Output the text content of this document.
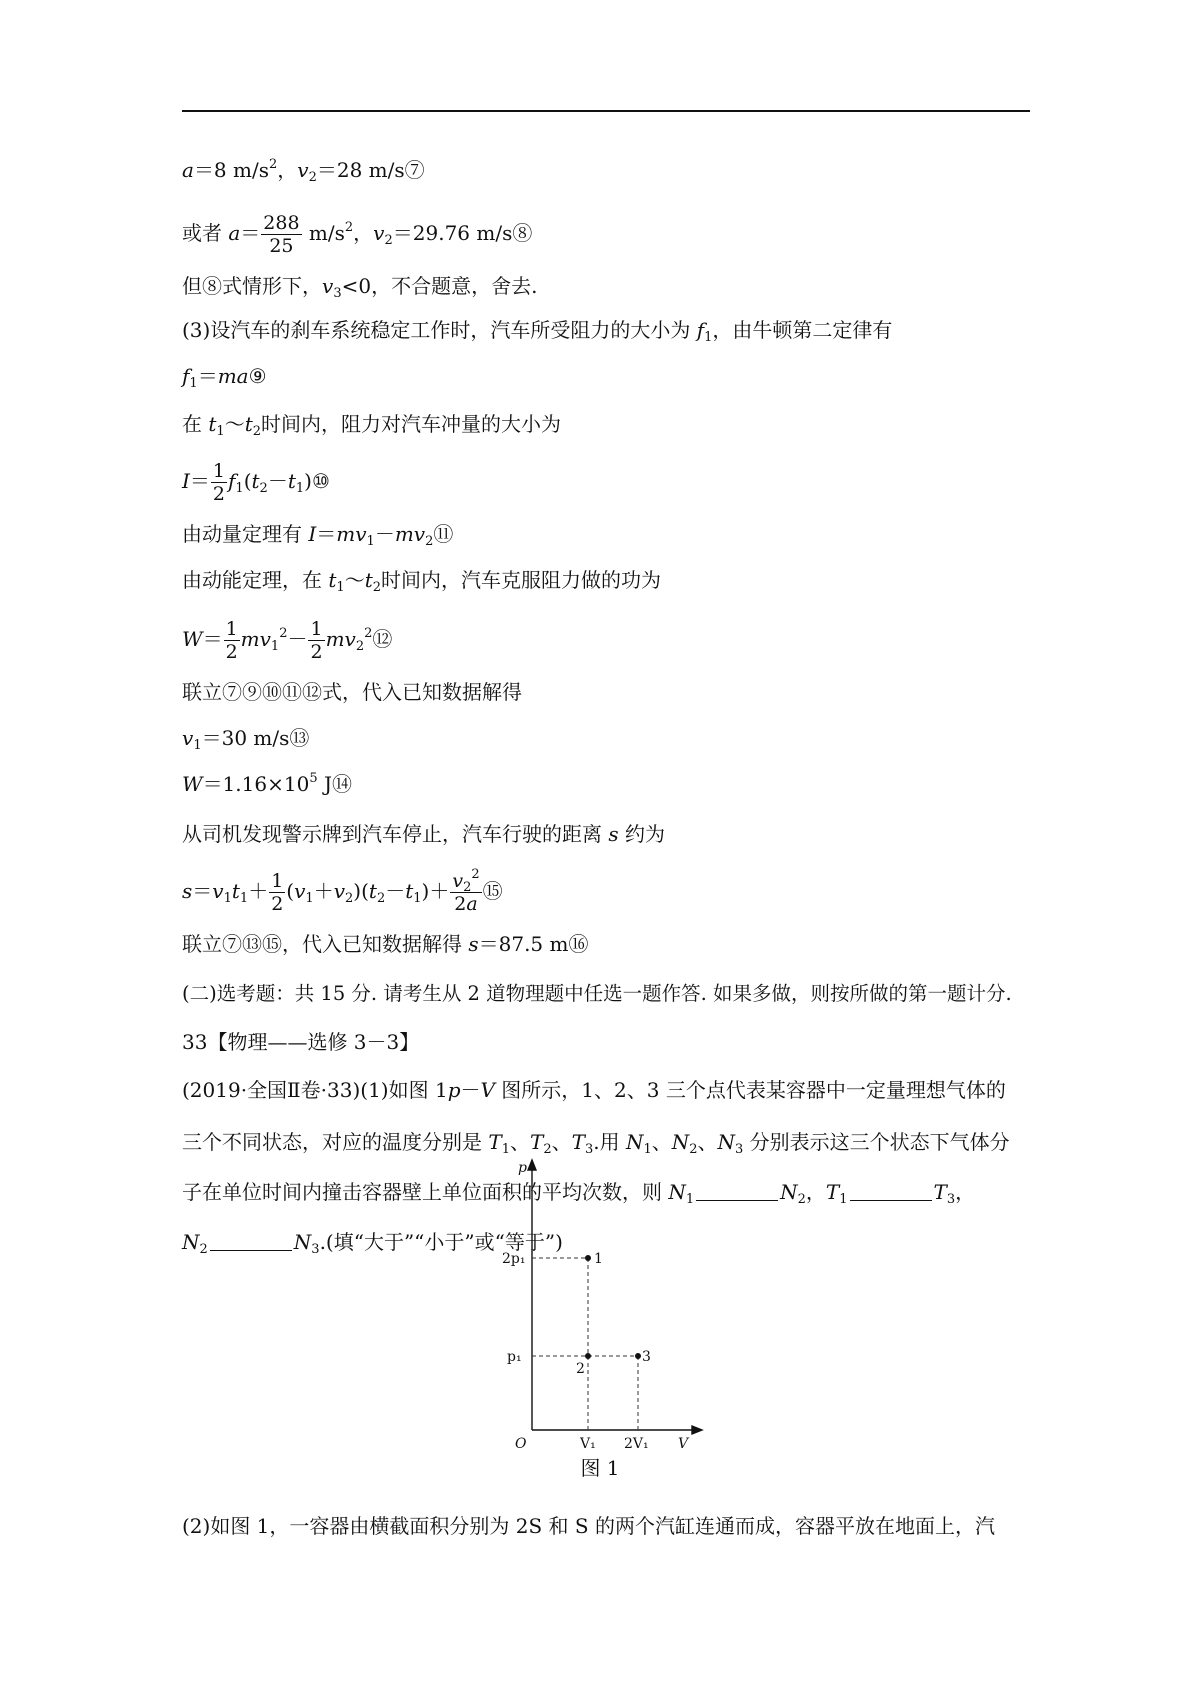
a＝8 $m/s^2$，$v_2=28$ m/s⑦
或者 $a= \frac{288}{25} m/s^2$，$v_2=29.76$ m/s⑧
但⑧式情形下，$v_3<0$，不合题意，舍去.
(3)设汽车的刹车系统稳定工作时，汽车所受阻力的大小为 $f_1$，由牛顿第二定律有
$f_1=ma⑨$
在 $t_1\sim t_2$时间内，阻力对汽车冲量的大小为
$I= \frac{1}{2}$ $f_1(t_2-t_1)⑩$
由动量定理有 $I=mv_1-mv_2⑪$
由动能定理，在 $t_1\sim t_2$时间内，汽车克服阻力做的功为
$W= \frac{1}{2} mv_1^2- \frac{1}{2}$ $mv_2^2⑫$
联立⑦⑨⑩⑪⑫式，代入已知数据解得
$v_1=30$ m/s⑬
$W=1.16\times 10^5$ J⑭
从司机发现警示牌到汽车停止，汽车行驶的距离 s 约为
$s=v_1t_1+ \frac{1}{2} (v_1+v_2)(t_2-t_1)+ \frac{v_2^2}{2a}$ ⑮
联立⑦⑬⑮，代入已知数据解得 s＝87.5 m⑯
(二)选考题：共 15 分. 请考生从 2 道物理题中任选一题作答. 如果多做，则按所做的第一题计分.
33【物理——选修 3－3】
(2019·全国Ⅱ卷·33)(1)如图 1p－V 图所示，1、2、3 三个点代表某容器中一定量理想气体的
三个不同状态，对应的温度分别是 $T_1$、$T_2$、$T_3$.用 $N_1$、$N_2$、$N_3$ 分别表示这三个状态下气体分
子在单位时间内撞击容器壁上单位面积的平均次数，则 $N_1$	$N_2$，$T_1$	$T_3$，
$N_2$	$N_3$.(填“大于”“小于”或“等于”)
p
2p₁
p₁
O	V₁ 2V₁ V
1
2
3
图 1
(2)如图 1，一容器由横截面积分别为 2S 和 S 的两个汽缸连通而成，容器平放在地面上，汽
